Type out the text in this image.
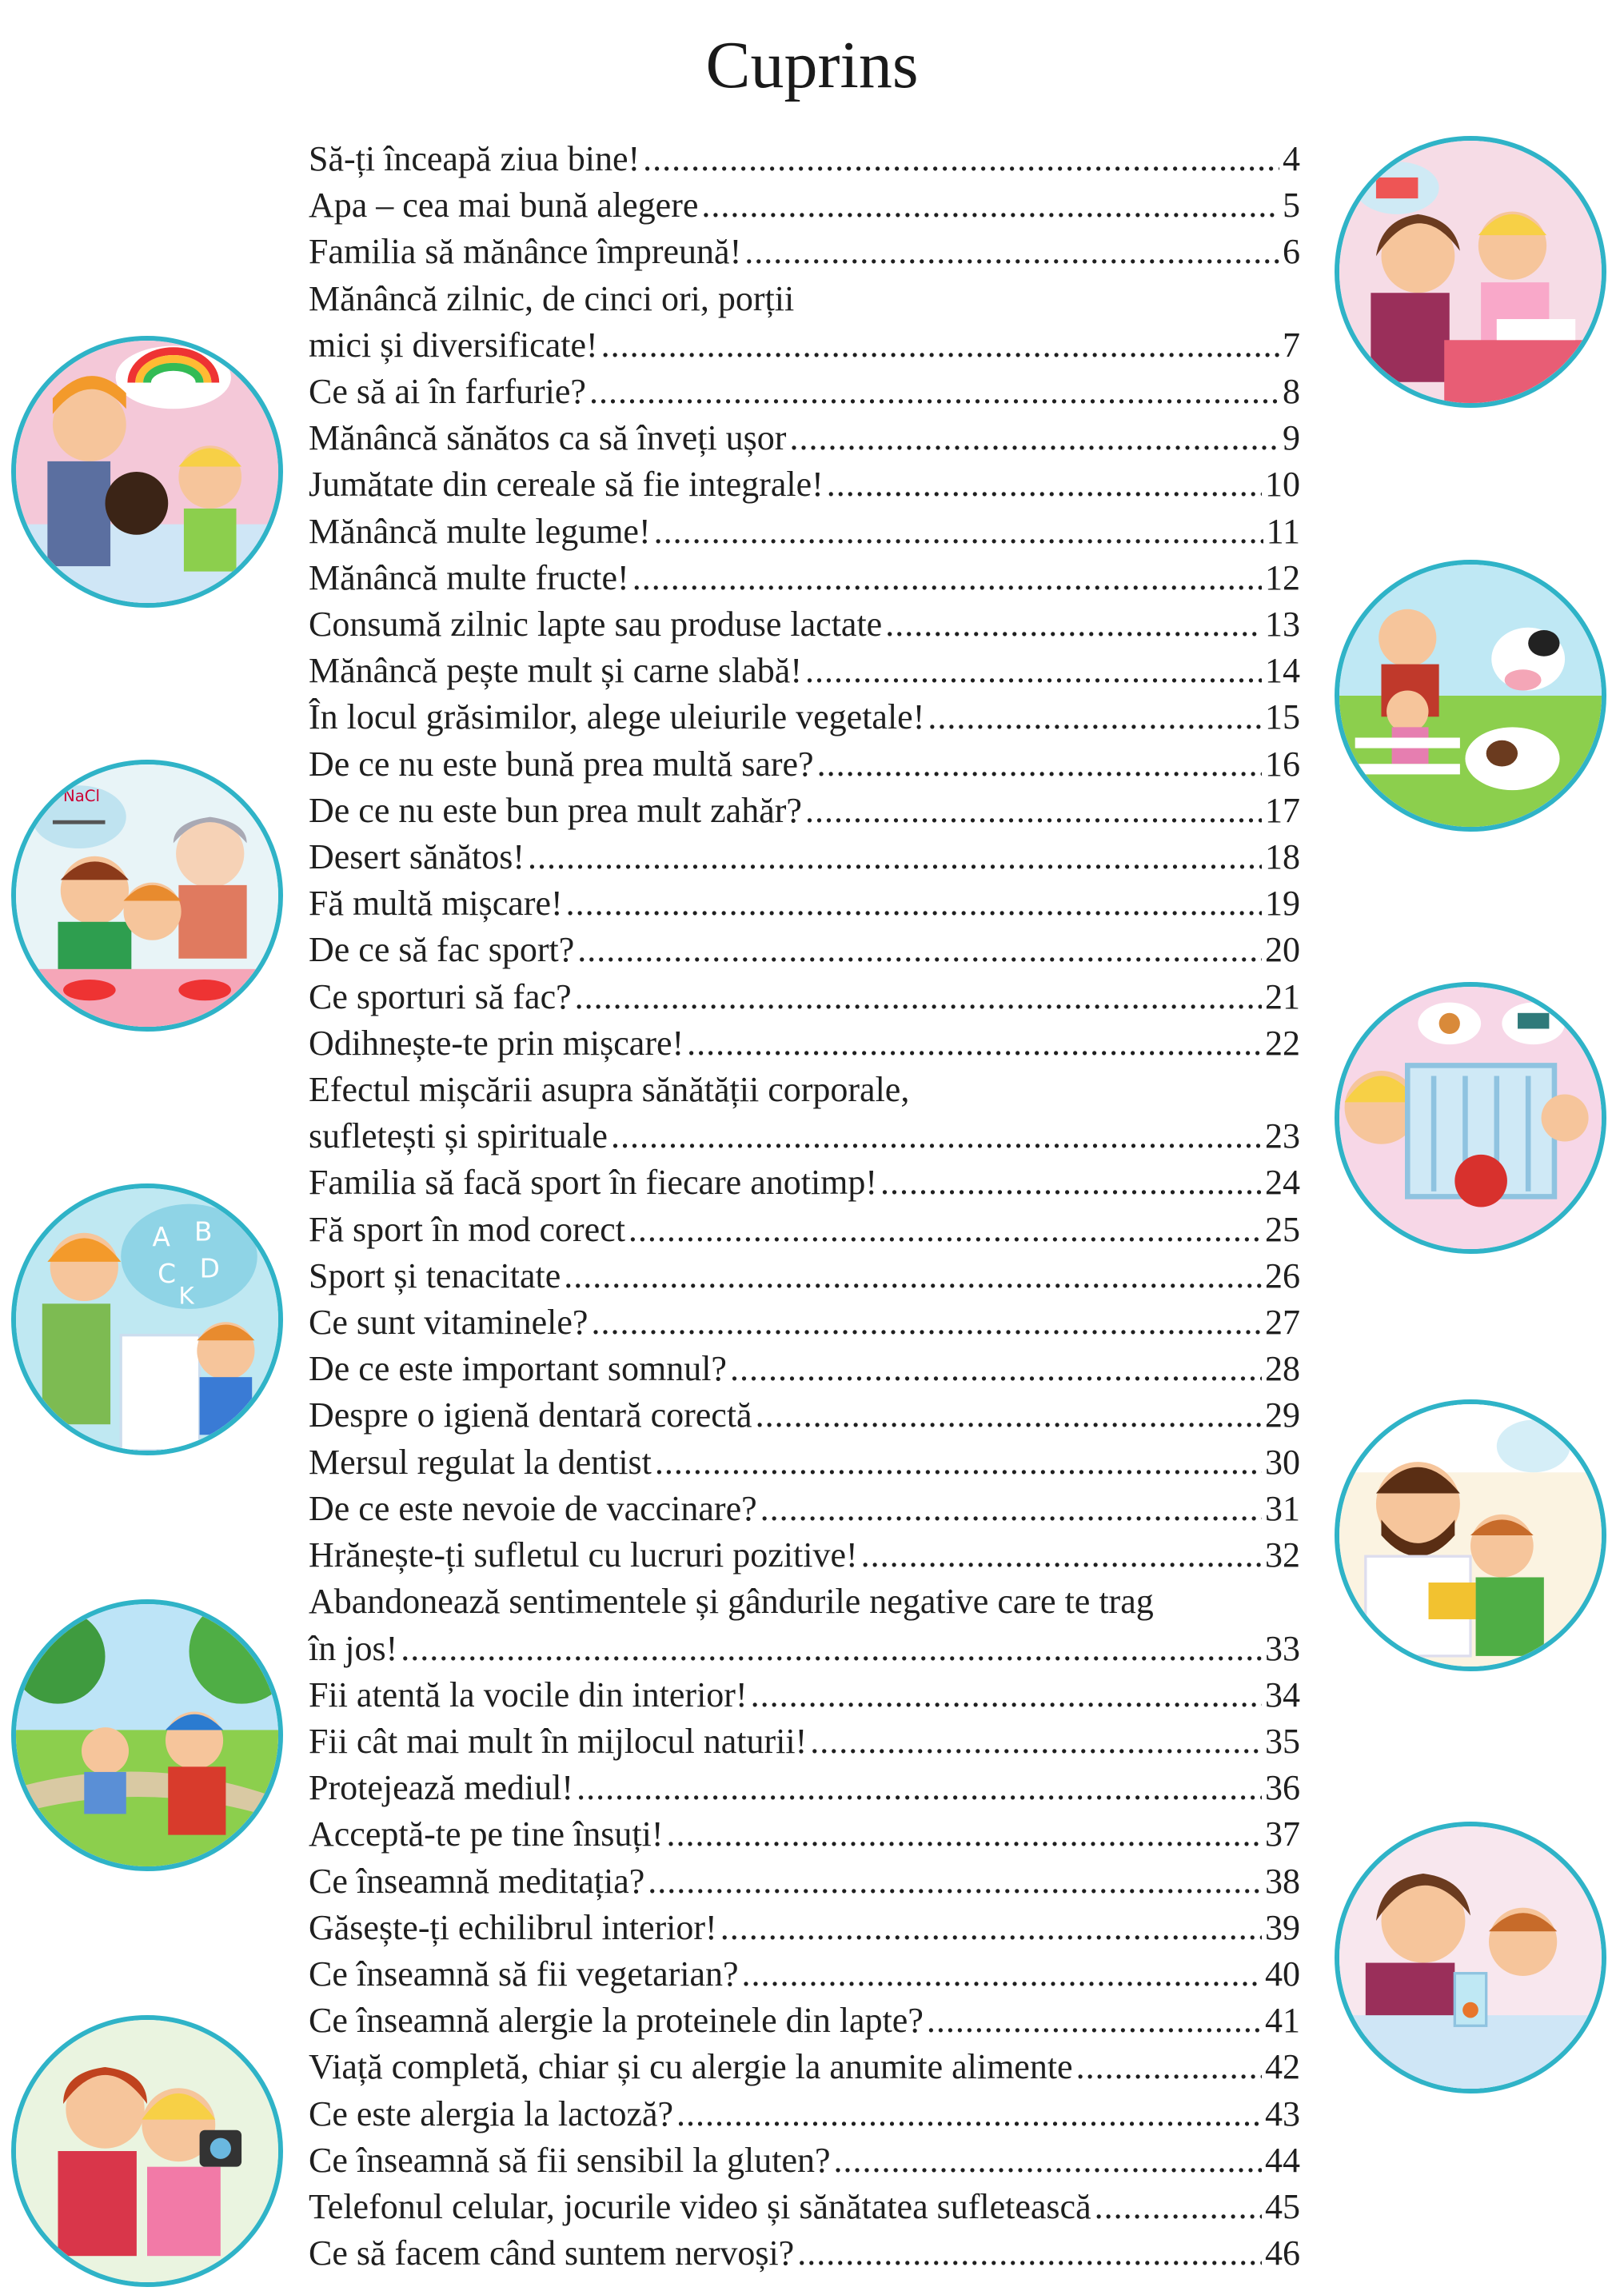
Cuprins
Să-ți înceapă ziua bine! .....	4
Apa – cea mai bună alegere .....	5
Familia să mănânce împreună! .....	6
Mănâncă zilnic, de cinci ori, porții
mici și diversificate! .....	7
Ce să ai în farfurie? .....	8
Mănâncă sănătos ca să înveți ușor .....	9
Jumătate din cereale să fie integrale! .....	10
Mănâncă multe legume! .....	11
Mănâncă multe fructe! .....	12
Consumă zilnic lapte sau produse lactate .....	13
Mănâncă pește mult și carne slabă! .....	14
În locul grăsimilor, alege uleiurile vegetale! .....	15
De ce nu este bună prea multă sare? .....	16
De ce nu este bun prea mult zahăr? .....	17
Desert sănătos! .....	18
Fă multă mișcare! .....	19
De ce să fac sport? .....	20
Ce sporturi să fac? .....	21
Odihnește-te prin mișcare! .....	22
Efectul mișcării asupra sănătății corporale,
sufletești și spirituale .....	23
Familia să facă sport în fiecare anotimp! .....	24
Fă sport în mod corect .....	25
Sport și tenacitate .....	26
Ce sunt vitaminele? .....	27
De ce este important somnul? .....	28
Despre o igienă dentară corectă .....	29
Mersul regulat la dentist .....	30
De ce este nevoie de vaccinare? .....	31
Hrănește-ți sufletul cu lucruri pozitive! .....	32
Abandonează sentimentele și gândurile negative care te trag
în jos! .....	33
Fii atentă la vocile din interior! .....	34
Fii cât mai mult în mijlocul naturii! .....	35
Protejează mediul! .....	36
Acceptă-te pe tine însuți! .....	37
Ce înseamnă meditația? .....	38
Găsește-ți echilibrul interior! .....	39
Ce înseamnă să fii vegetarian? .....	40
Ce înseamnă alergie la proteinele din lapte? .....	41
Viață completă, chiar și cu alergie la anumite alimente .....	42
Ce este alergia la lactoză? .....	43
Ce înseamnă să fii sensibil la gluten? .....	44
Telefonul celular, jocurile video și sănătatea sufletească .....	45
Ce să facem când suntem nervoși? .....	46
NaCl
A	B
C	D
K
